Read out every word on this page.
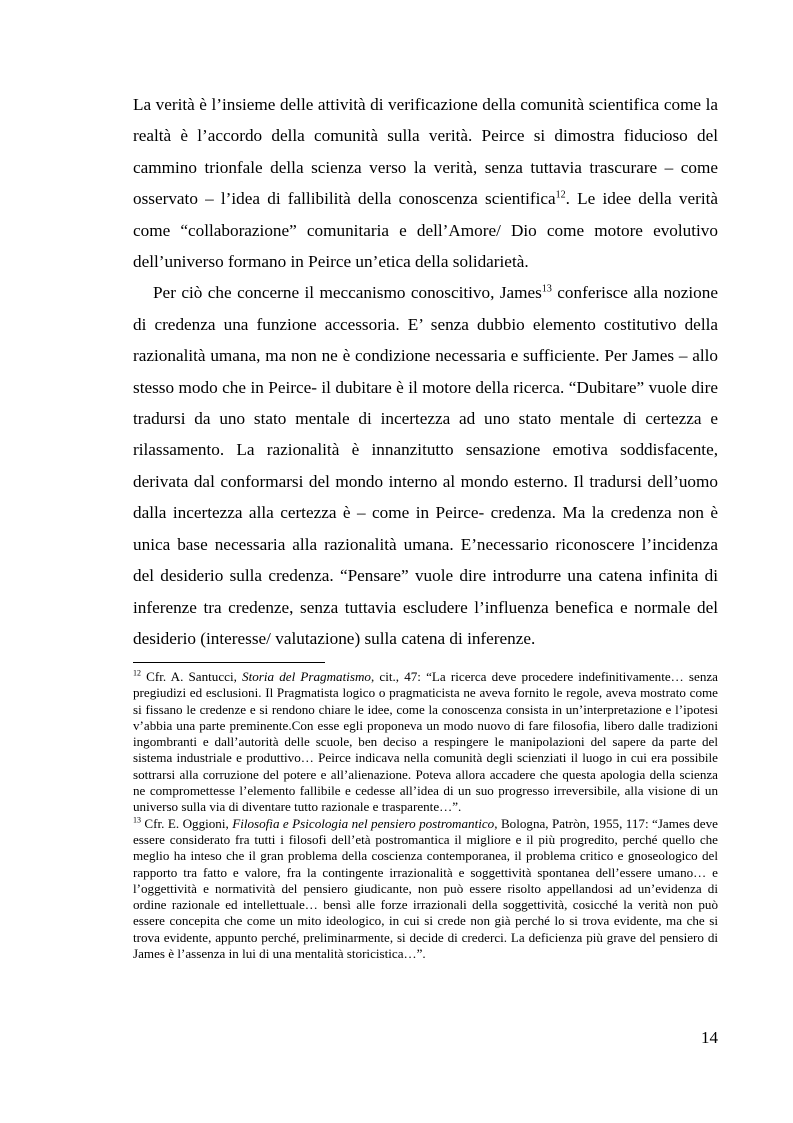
La verità è l’insieme delle attività di verificazione della comunità scientifica come la realtà è l’accordo della comunità sulla verità. Peirce si dimostra fiducioso del cammino trionfale della scienza verso la verità, senza tuttavia trascurare – come osservato – l’idea di fallibilità della conoscenza scientifica$^{12}$. Le idee della verità come “collaborazione” comunitaria e dell’Amore/ Dio come motore evolutivo dell’universo formano in Peirce un’etica della solidarietà.

Per ciò che concerne il meccanismo conoscitivo, James$^{13}$ conferisce alla nozione di credenza una funzione accessoria. E’ senza dubbio elemento costitutivo della razionalità umana, ma non ne è condizione necessaria e sufficiente. Per James – allo stesso modo che in Peirce- il dubitare è il motore della ricerca. “Dubitare” vuole dire tradursi da uno stato mentale di incertezza ad uno stato mentale di certezza e rilassamento. La razionalità è innanzitutto sensazione emotiva soddisfacente, derivata dal conformarsi del mondo interno al mondo esterno. Il tradursi dell’uomo dalla incertezza alla certezza è – come in Peirce- credenza. Ma la credenza non è unica base necessaria alla razionalità umana. E’necessario riconoscere l’incidenza del desiderio sulla credenza. “Pensare” vuole dire introdurre una catena infinita di inferenze tra credenze, senza tuttavia escludere l’influenza benefica e normale del desiderio (interesse/ valutazione) sulla catena di inferenze.

$^{12}$ Cfr. A. Santucci, Storia del Pragmatismo, cit., 47: “La ricerca deve procedere indefinitivamente… senza pregiudizi ed esclusioni. Il Pragmatista logico o pragmaticista ne aveva fornito le regole, aveva mostrato come si fissano le credenze e si rendono chiare le idee, come la conoscenza consista in un’interpretazione e l’ipotesi v’abbia una parte preminente.Con esse egli proponeva un modo nuovo di fare filosofia, libero dalle tradizioni ingombranti e dall’autorità delle scuole, ben deciso a respingere le manipolazioni del sapere da parte del sistema industriale e produttivo… Peirce indicava nella comunità degli scienziati il luogo in cui era possibile sottrarsi alla corruzione del potere e all’alienazione. Poteva allora accadere che questa apologia della scienza ne compromettesse l’elemento fallibile e cedesse all’idea di un suo progresso irreversibile, alla visione di un universo sulla via di diventare tutto razionale e trasparente…”.

$^{13}$ Cfr. E. Oggioni, Filosofia e Psicologia nel pensiero postromantico, Bologna, Patròn, 1955, 117: “James deve essere considerato fra tutti i filosofi dell’età postromantica il migliore e il più progredito, perché quello che meglio ha inteso che il gran problema della coscienza contemporanea, il problema critico e gnoseologico del rapporto tra fatto e valore, fra la contingente irrazionalità e soggettività spontanea dell’essere umano… e l’oggettività e normatività del pensiero giudicante, non può essere risolto appellandosi ad un’evidenza di ordine razionale ed intellettuale… bensì alle forze irrazionali della soggettività, cosicché la verità non può essere concepita che come un mito ideologico, in cui si crede non già perché lo si trova evidente, ma che si trova evidente, appunto perché, preliminarmente, si decide di crederci. La deficienza più grave del pensiero di James è l’assenza in lui di una mentalità storicistica…”.

14
